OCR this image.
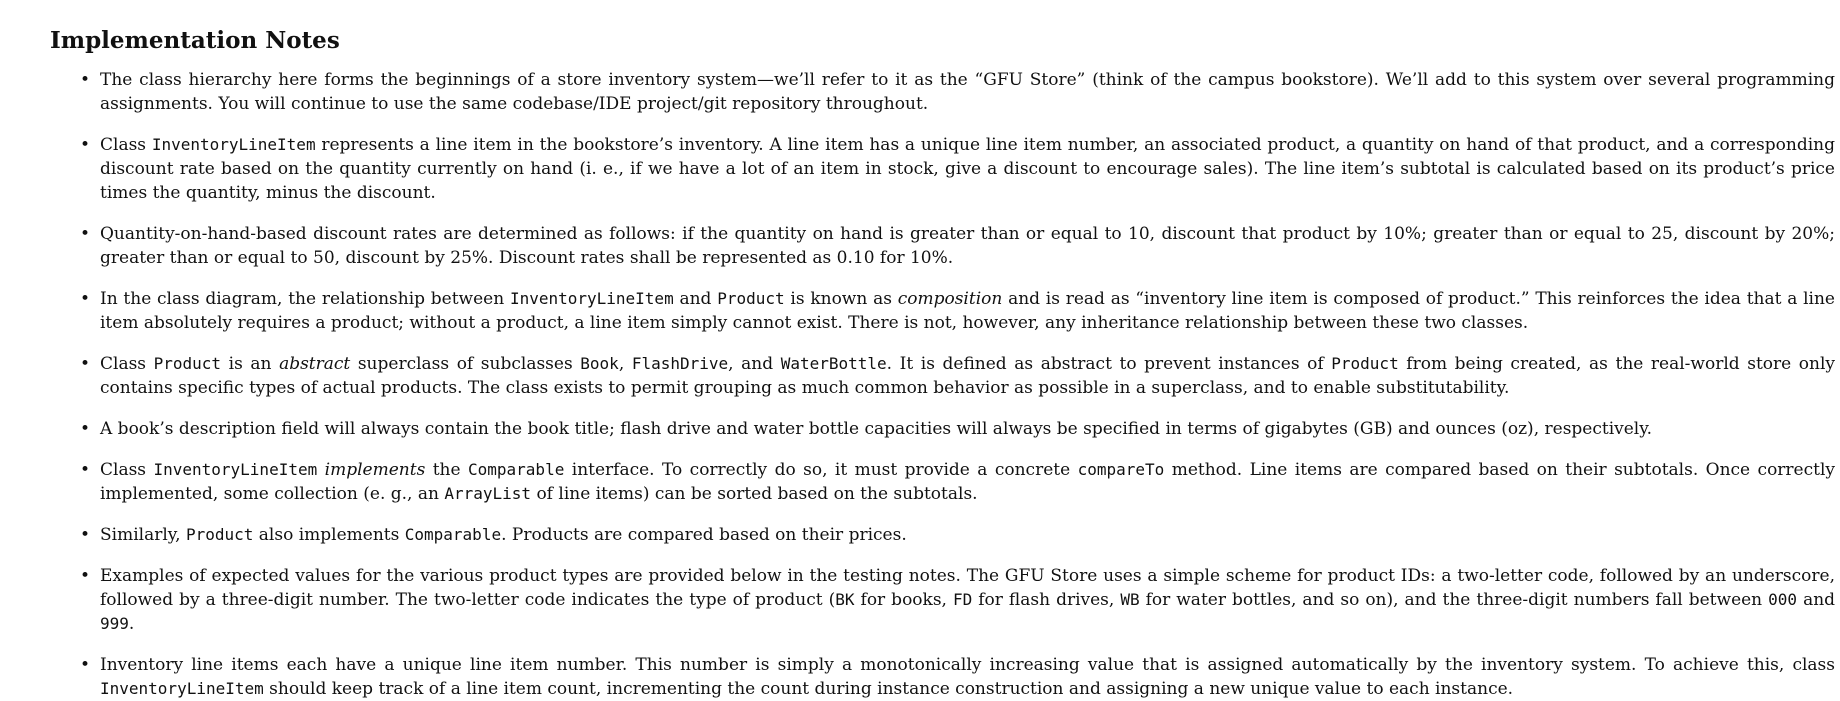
Implementation Notes
• The class hierarchy here forms the beginnings of a store inventory system—we’ll refer to it as the “GFU Store” (think of the campus bookstore). We’ll add to this system over several programming assignments. You will continue to use the same codebase/IDE project/git repository throughout.
• Class InventoryLineItem represents a line item in the bookstore’s inventory. A line item has a unique line item number, an associated product, a quantity on hand of that product, and a corresponding discount rate based on the quantity currently on hand (i. e., if we have a lot of an item in stock, give a discount to encourage sales). The line item’s subtotal is calculated based on its product’s price times the quantity, minus the discount.
• Quantity-on-hand-based discount rates are determined as follows: if the quantity on hand is greater than or equal to 10, discount that product by 10%; greater than or equal to 25, discount by 20%; greater than or equal to 50, discount by 25%. Discount rates shall be represented as 0.10 for 10%.
• In the class diagram, the relationship between InventoryLineItem and Product is known as composition and is read as “inventory line item is composed of product.” This reinforces the idea that a line item absolutely requires a product; without a product, a line item simply cannot exist. There is not, however, any inheritance relationship between these two classes.
• Class Product is an abstract superclass of subclasses Book, FlashDrive, and WaterBottle. It is defined as abstract to prevent instances of Product from being created, as the real-world store only contains specific types of actual products. The class exists to permit grouping as much common behavior as possible in a superclass, and to enable substitutability.
• A book’s description field will always contain the book title; flash drive and water bottle capacities will always be specified in terms of gigabytes (GB) and ounces (oz), respectively.
• Class InventoryLineItem implements the Comparable interface. To correctly do so, it must provide a concrete compareTo method. Line items are compared based on their subtotals. Once correctly implemented, some collection (e. g., an ArrayList of line items) can be sorted based on the subtotals.
• Similarly, Product also implements Comparable. Products are compared based on their prices.
• Examples of expected values for the various product types are provided below in the testing notes. The GFU Store uses a simple scheme for product IDs: a two-letter code, followed by an underscore, followed by a three-digit number. The two-letter code indicates the type of product (BK for books, FD for flash drives, WB for water bottles, and so on), and the three-digit numbers fall between 000 and 999.
• Inventory line items each have a unique line item number. This number is simply a monotonically increasing value that is assigned automatically by the inventory system. To achieve this, class InventoryLineItem should keep track of a line item count, incrementing the count during instance construction and assigning a new unique value to each instance.
